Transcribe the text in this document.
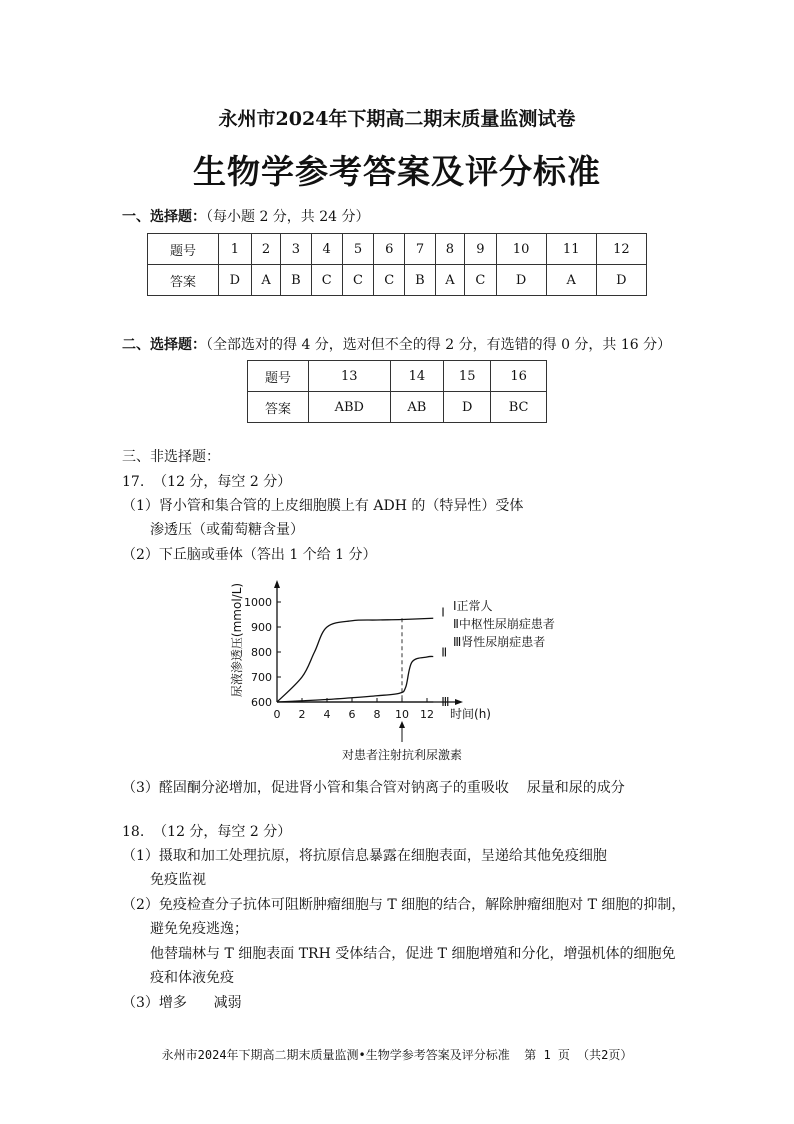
永州市2024年下期高二期末质量监测试卷
生物学参考答案及评分标准
一、选择题：（每小题 2 分，共 24 分）
题号	1	2	3	4	5	6	7	8	9	10	11	12
答案	D	A	B	C	C	C	B	A	C	D	A	D
二、选择题：（全部选对的得 4 分，选对但不全的得 2 分，有选错的得 0 分，共 16 分）
题号	13	14	15	16
答案	ABD	AB	D	BC
三、非选择题：
17.  （12 分，每空 2 分）
（1）肾小管和集合管的上皮细胞膜上有 ADH 的（特异性）受体
渗透压（或葡萄糖含量）
（2）下丘脑或垂体（答出 1 个给 1 分）
0 2 4 6 8 10 12
600
700
800
900
1000
对患者注射抗利尿激素
Ⅰ
Ⅱ
Ⅲ
Ⅰ正常人
Ⅱ中枢性尿崩症患者
Ⅲ肾性尿崩症患者
时间(h)
尿液渗透压(mmol/L)
（3）醛固酮分泌增加，促进肾小管和集合管对钠离子的重吸收    尿量和尿的成分
18.  （12 分，每空 2 分）
（1）摄取和加工处理抗原，将抗原信息暴露在细胞表面，呈递给其他免疫细胞
免疫监视
（2）免疫检查分子抗体可阻断肿瘤细胞与 T 细胞的结合，解除肿瘤细胞对 T 细胞的抑制，
避免免疫逃逸；
他替瑞林与 T 细胞表面 TRH 受体结合，促进 T 细胞增殖和分化，增强机体的细胞免
疫和体液免疫
（3）增多      减弱
永州市2024年下期高二期末质量监测•生物学参考答案及评分标准  第 1 页 （共2页）
